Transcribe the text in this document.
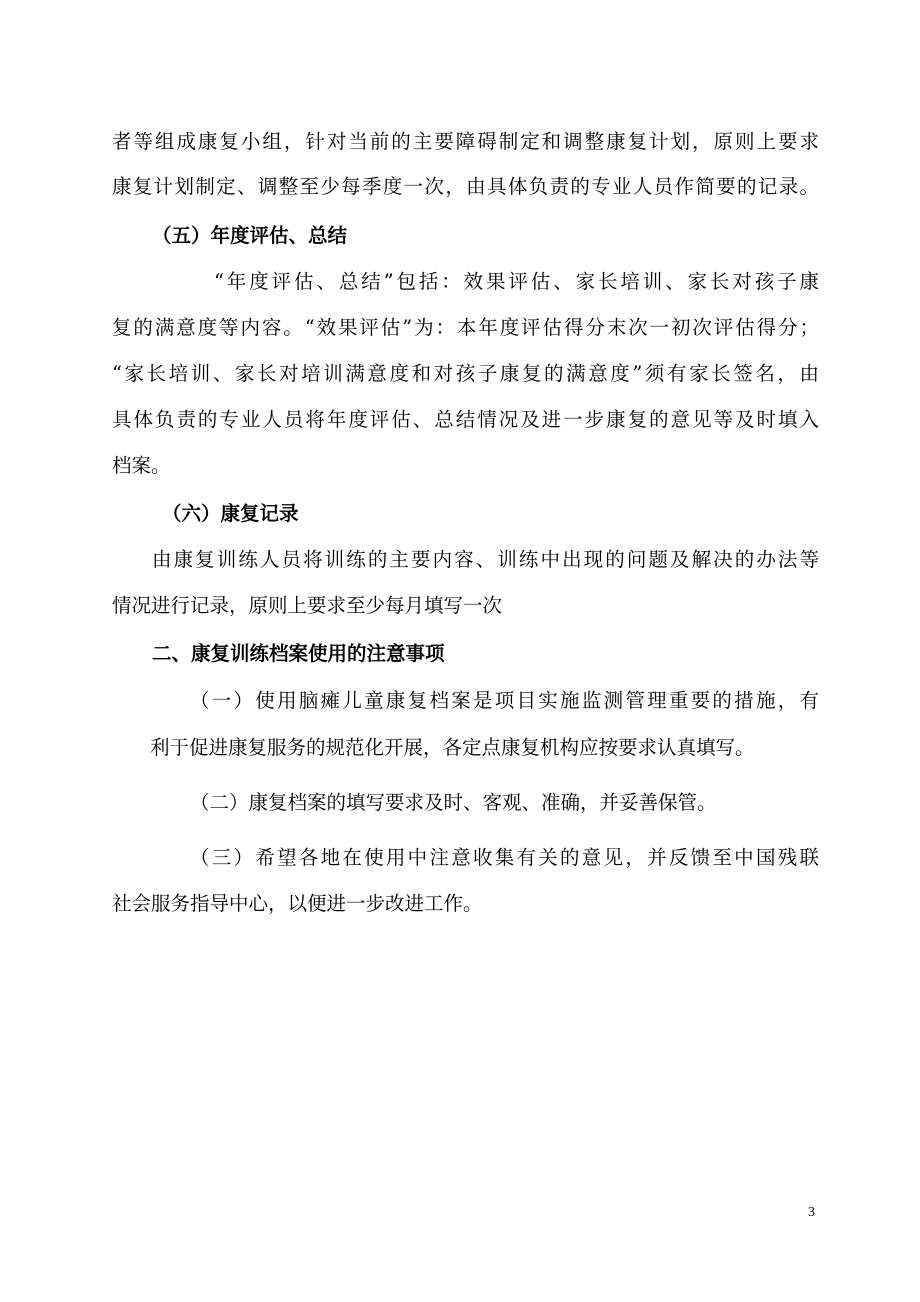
者等组成康复小组，针对当前的主要障碍制定和调整康复计划，原则上要求
康复计划制定、调整至少每季度一次，由具体负责的专业人员作简要的记录。
（五）年度评估、总结
“年度评估、总结”包括：效果评估、家长培训、家长对孩子康
复的满意度等内容。“效果评估”为：本年度评估得分末次一初次评估得分；
“家长培训、家长对培训满意度和对孩子康复的满意度”须有家长签名，由
具体负责的专业人员将年度评估、总结情况及进一步康复的意见等及时填入
档案。
（六）康复记录
由康复训练人员将训练的主要内容、训练中出现的问题及解决的办法等
情况进行记录，原则上要求至少每月填写一次
二、康复训练档案使用的注意事项
（一）使用脑瘫儿童康复档案是项目实施监测管理重要的措施，有
利于促进康复服务的规范化开展，各定点康复机构应按要求认真填写。
（二）康复档案的填写要求及时、客观、准确，并妥善保管。
（三）希望各地在使用中注意收集有关的意见，并反馈至中国残联
社会服务指导中心，以便进一步改进工作。
3
